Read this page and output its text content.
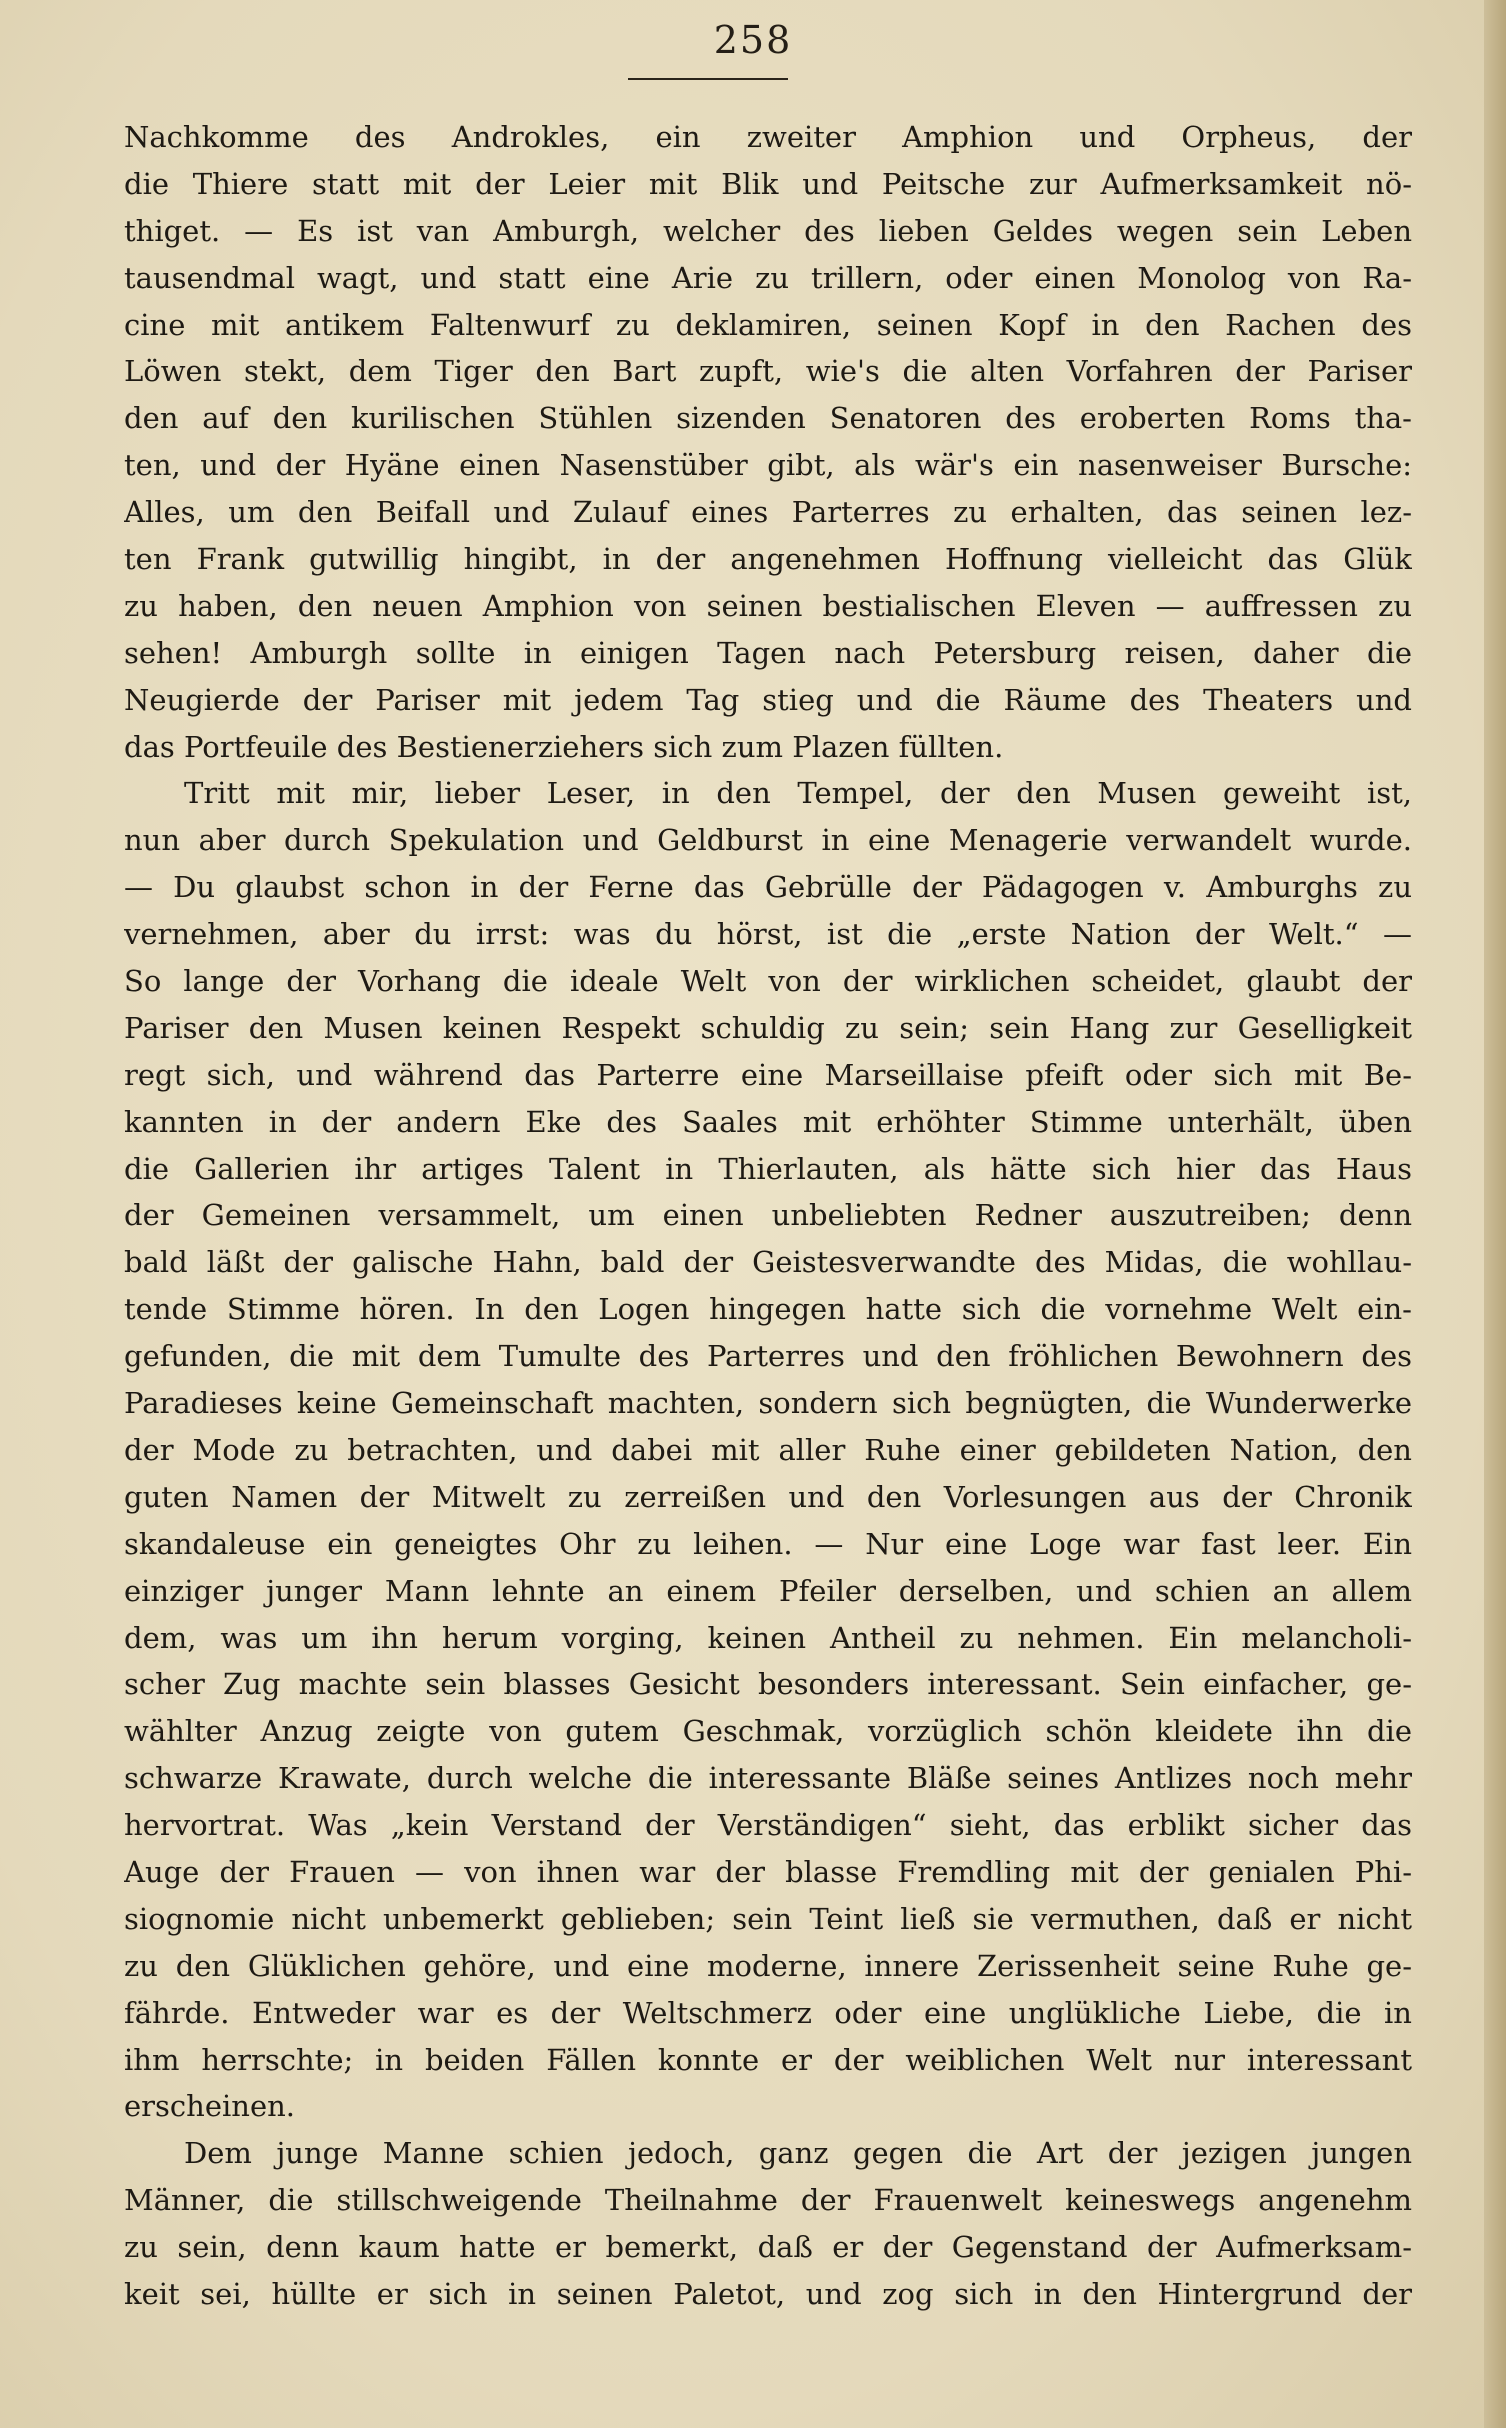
258
Nachkomme des Androkles, ein zweiter Amphion und Orpheus, der
die Thiere statt mit der Leier mit Blik und Peitsche zur Aufmerksamkeit nö-
thiget. — Es ist van Amburgh, welcher des lieben Geldes wegen sein Leben
tausendmal wagt, und statt eine Arie zu trillern, oder einen Monolog von Ra-
cine mit antikem Faltenwurf zu deklamiren, seinen Kopf in den Rachen des
Löwen stekt, dem Tiger den Bart zupft, wie's die alten Vorfahren der Pariser
den auf den kurilischen Stühlen sizenden Senatoren des eroberten Roms tha-
ten, und der Hyäne einen Nasenstüber gibt, als wär's ein nasenweiser Bursche:
Alles, um den Beifall und Zulauf eines Parterres zu erhalten, das seinen lez-
ten Frank gutwillig hingibt, in der angenehmen Hoffnung vielleicht das Glük
zu haben, den neuen Amphion von seinen bestialischen Eleven — auffressen zu
sehen! Amburgh sollte in einigen Tagen nach Petersburg reisen, daher die
Neugierde der Pariser mit jedem Tag stieg und die Räume des Theaters und
das Portfeuile des Bestienerziehers sich zum Plazen füllten.
Tritt mit mir, lieber Leser, in den Tempel, der den Musen geweiht ist,
nun aber durch Spekulation und Geldburst in eine Menagerie verwandelt wurde.
— Du glaubst schon in der Ferne das Gebrülle der Pädagogen v. Amburghs zu
vernehmen, aber du irrst: was du hörst, ist die „erste Nation der Welt.“ —
So lange der Vorhang die ideale Welt von der wirklichen scheidet, glaubt der
Pariser den Musen keinen Respekt schuldig zu sein; sein Hang zur Geselligkeit
regt sich, und während das Parterre eine Marseillaise pfeift oder sich mit Be-
kannten in der andern Eke des Saales mit erhöhter Stimme unterhält, üben
die Gallerien ihr artiges Talent in Thierlauten, als hätte sich hier das Haus
der Gemeinen versammelt, um einen unbeliebten Redner auszutreiben; denn
bald läßt der galische Hahn, bald der Geistesverwandte des Midas, die wohllau-
tende Stimme hören. In den Logen hingegen hatte sich die vornehme Welt ein-
gefunden, die mit dem Tumulte des Parterres und den fröhlichen Bewohnern des
Paradieses keine Gemeinschaft machten, sondern sich begnügten, die Wunderwerke
der Mode zu betrachten, und dabei mit aller Ruhe einer gebildeten Nation, den
guten Namen der Mitwelt zu zerreißen und den Vorlesungen aus der Chronik
skandaleuse ein geneigtes Ohr zu leihen. — Nur eine Loge war fast leer. Ein
einziger junger Mann lehnte an einem Pfeiler derselben, und schien an allem
dem, was um ihn herum vorging, keinen Antheil zu nehmen. Ein melancholi-
scher Zug machte sein blasses Gesicht besonders interessant. Sein einfacher, ge-
wählter Anzug zeigte von gutem Geschmak, vorzüglich schön kleidete ihn die
schwarze Krawate, durch welche die interessante Bläße seines Antlizes noch mehr
hervortrat. Was „kein Verstand der Verständigen“ sieht, das erblikt sicher das
Auge der Frauen — von ihnen war der blasse Fremdling mit der genialen Phi-
siognomie nicht unbemerkt geblieben; sein Teint ließ sie vermuthen, daß er nicht
zu den Glüklichen gehöre, und eine moderne, innere Zerissenheit seine Ruhe ge-
fährde. Entweder war es der Weltschmerz oder eine unglükliche Liebe, die in
ihm herrschte; in beiden Fällen konnte er der weiblichen Welt nur interessant
erscheinen.
Dem junge Manne schien jedoch, ganz gegen die Art der jezigen jungen
Männer, die stillschweigende Theilnahme der Frauenwelt keineswegs angenehm
zu sein, denn kaum hatte er bemerkt, daß er der Gegenstand der Aufmerksam-
keit sei, hüllte er sich in seinen Paletot, und zog sich in den Hintergrund der
